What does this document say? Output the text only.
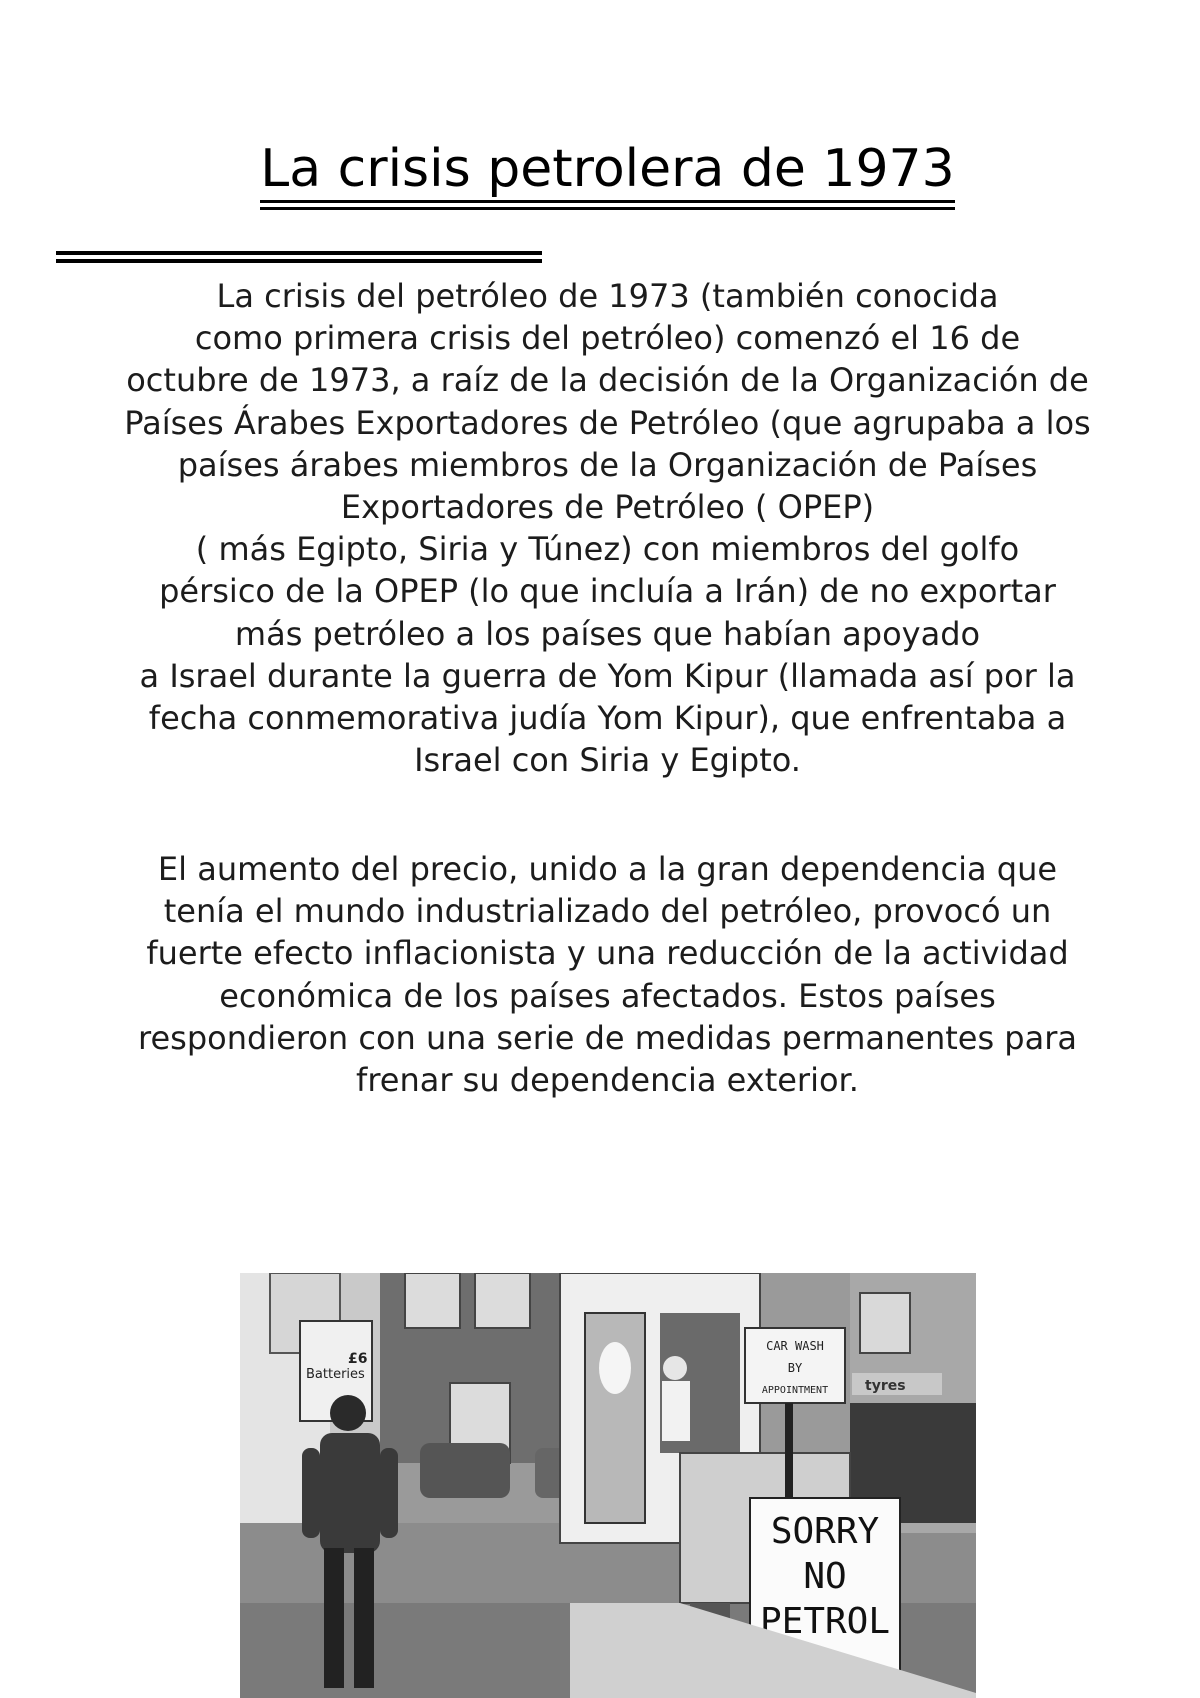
La crisis petrolera de 1973
La crisis del petróleo de 1973 (también conocida
como primera crisis del petróleo) comenzó el 16 de
octubre de 1973, a raíz de la decisión de la Organización de
Países Árabes Exportadores de Petróleo (que agrupaba a los
países árabes miembros de la Organización de Países
Exportadores de Petróleo ( OPEP)
( más Egipto, Siria y Túnez) con miembros del golfo
pérsico de la OPEP (lo que incluía a Irán) de no exportar
más petróleo a los países que habían apoyado
a Israel durante la guerra de Yom Kipur (llamada así por la
fecha conmemorativa judía Yom Kipur), que enfrentaba a
Israel con Siria y Egipto.
El aumento del precio, unido a la gran dependencia que
tenía el mundo industrializado del petróleo, provocó un
fuerte efecto inflacionista y una reducción de la actividad
económica de los países afectados. Estos países
respondieron con una serie de medidas permanentes para
frenar su dependencia exterior.
Batteries
£6
tyres
CAR WASH
BY
APPOINTMENT
SORRY
NO
PETROL
